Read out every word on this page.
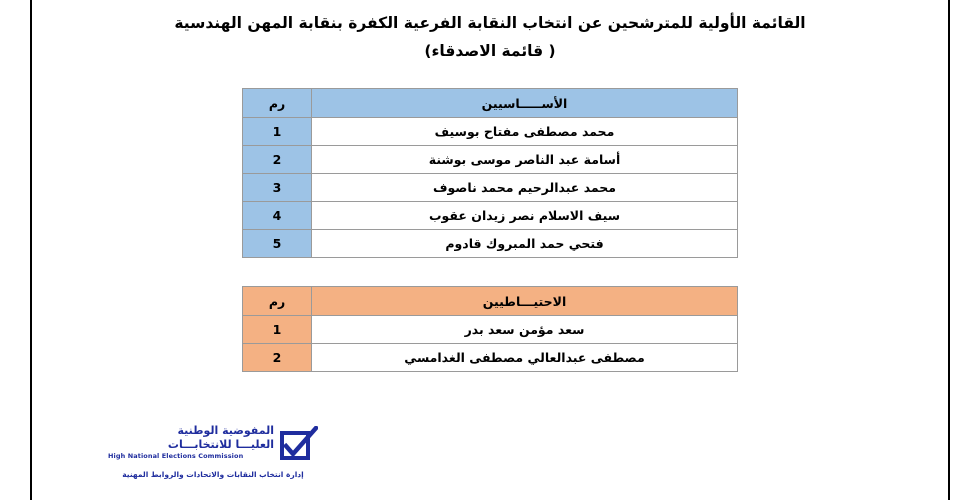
القائمة الأولية للمترشحين عن انتخاب النقابة الفرعية الكفرة بنقابة المهن الهندسية
( قائمة الاصدقاء)
الأســـــاسيين	رم
محمد مصطفى مفتاح بوسيف	1
أسامة عبد الناصر موسى بوشنة	2
محمد عبدالرحيم محمد ناصوف	3
سيف الاسلام نصر زيدان عقوب	4
فتحي حمد المبروك قادوم	5
الاحتيـــاطيين	رم
سعد مؤمن سعد بدر	1
مصطفى عبدالعالي مصطفى الغدامسي	2
المفوضية الوطنية
العليـــا للانتخابـــات
High National Elections Commission
إدارة انتخاب النقابات والاتحادات والروابط المهنية
